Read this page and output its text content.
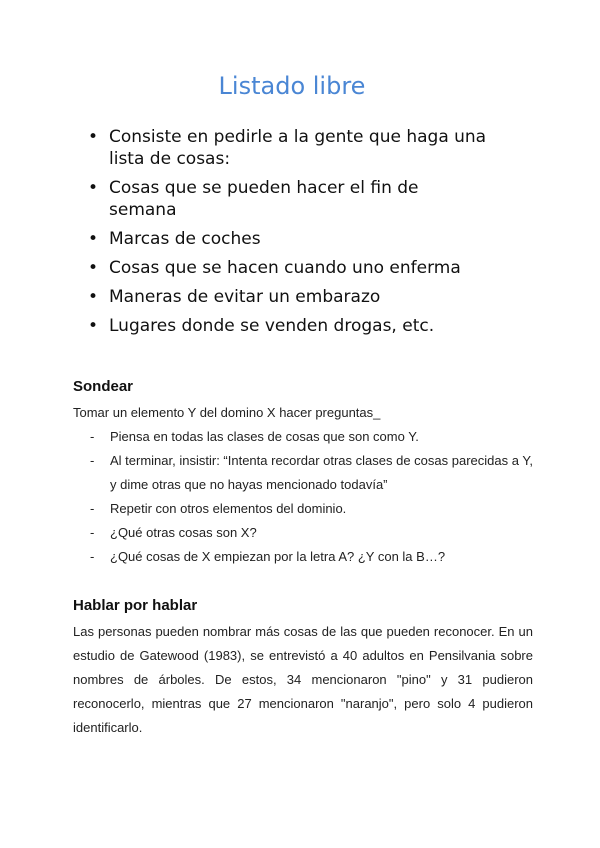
Listado libre
• Consiste en pedirle a la gente que haga una lista de cosas:
• Cosas que se pueden hacer el fin de semana
• Marcas de coches
• Cosas que se hacen cuando uno enferma
• Maneras de evitar un embarazo
• Lugares donde se venden drogas, etc.
Sondear

Tomar un elemento Y del domino X hacer preguntas_

- Piensa en todas las clases de cosas que son como Y.
- Al terminar, insistir: “Intenta recordar otras clases de cosas parecidas a Y, y dime otras que no hayas mencionado todavía”
- Repetir con otros elementos del dominio.
- ¿Qué otras cosas son X?
- ¿Qué cosas de X empiezan por la letra A? ¿Y con la B…?
Hablar por hablar

Las personas pueden nombrar más cosas de las que pueden reconocer. En un estudio de Gatewood (1983), se entrevistó a 40 adultos en Pensilvania sobre nombres de árboles. De estos, 34 mencionaron "pino" y 31 pudieron reconocerlo, mientras que 27 mencionaron "naranjo", pero solo 4 pudieron identificarlo.
